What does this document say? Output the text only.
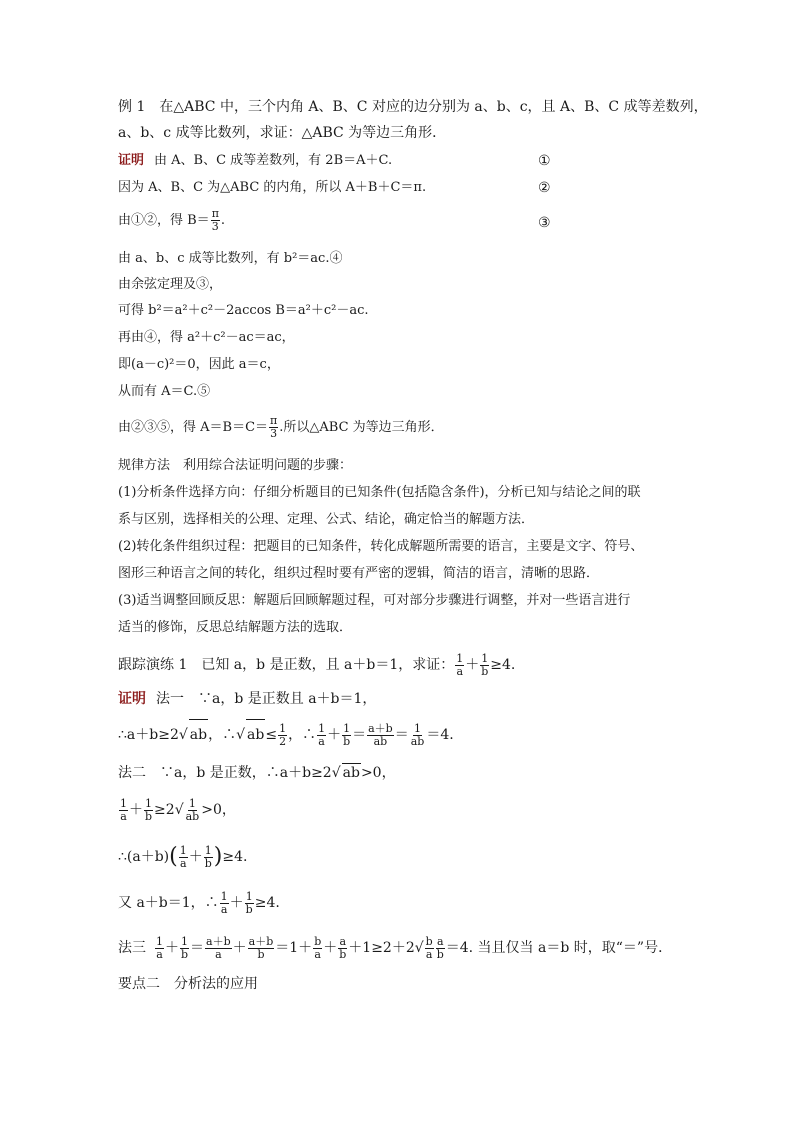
例 1　在△ABC 中，三个内角 A、B、C 对应的边分别为 a、b、c，且 A、B、C 成等差数列，
a、b、c 成等比数列，求证：△ABC 为等边三角形．
证明 由 A、B、C 成等差数列，有 2B＝A＋C.	①
因为 A、B、C 为△ABC 的内角，所以 A＋B＋C＝π.	②
由①②，得 $B= \frac{\pi}{3}$ .	③
由 a、b、c 成等比数列，有 b²＝ac.④
由余弦定理及③，
可得 b²＝a²＋c²－2accos B＝a²＋c²－ac.
再由④，得 a²＋c²－ac＝ac，
即(a－c)²＝0，因此 a＝c，
从而有 A＝C.⑤
由②③⑤，得 $A=B=C= \frac{\pi}{3}$ .所以△ABC 为等边三角形．
规律方法　利用综合法证明问题的步骤：
(1)分析条件选择方向：仔细分析题目的已知条件(包括隐含条件)，分析已知与结论之间的联
系与区别，选择相关的公理、定理、公式、结论，确定恰当的解题方法．
(2)转化条件组织过程：把题目的已知条件，转化成解题所需要的语言，主要是文字、符号、
图形三种语言之间的转化，组织过程时要有严密的逻辑，简洁的语言，清晰的思路．
(3)适当调整回顾反思：解题后回顾解题过程，可对部分步骤进行调整，并对一些语言进行
适当的修饰，反思总结解题方法的选取．
跟踪演练 1　已知 a，b 是正数，且 a＋b＝1，求证： $\frac{1}{a} + \frac{1}{b} \ge 4$.
证明 法一　∵a，b 是正数且 a＋b＝1，
∴a＋b≥2√ ab，∴√ $ab\le \frac{1}{2}$ ，∴ $\frac{1}{a} + \frac{1}{b} = \frac{a+b}{ab} = \frac{1}{ab} =4$.
法二　∵a，b 是正数，∴a＋b≥2√ ab>0，
$\frac{1}{a} + \frac{1}{b} \ge 2√ \frac{1}{ab} >0$，
∴(a＋b)( $\frac{1}{a} + \frac{1}{b} )\ge 4$.
又 a＋b＝1，∴ $\frac{1}{a} + \frac{1}{b} \ge 4$.
法三 $\frac{1}{a} + \frac{1}{b} = \frac{a+b}{a} + \frac{a+b}{b} =1+ \frac{b}{a} + \frac{a}{b} +1\ge 2+2√ \frac{b}{a} \frac{a}{b} =4$. 当且仅当 a＝b 时，取“＝”号．
要点二　分析法的应用
